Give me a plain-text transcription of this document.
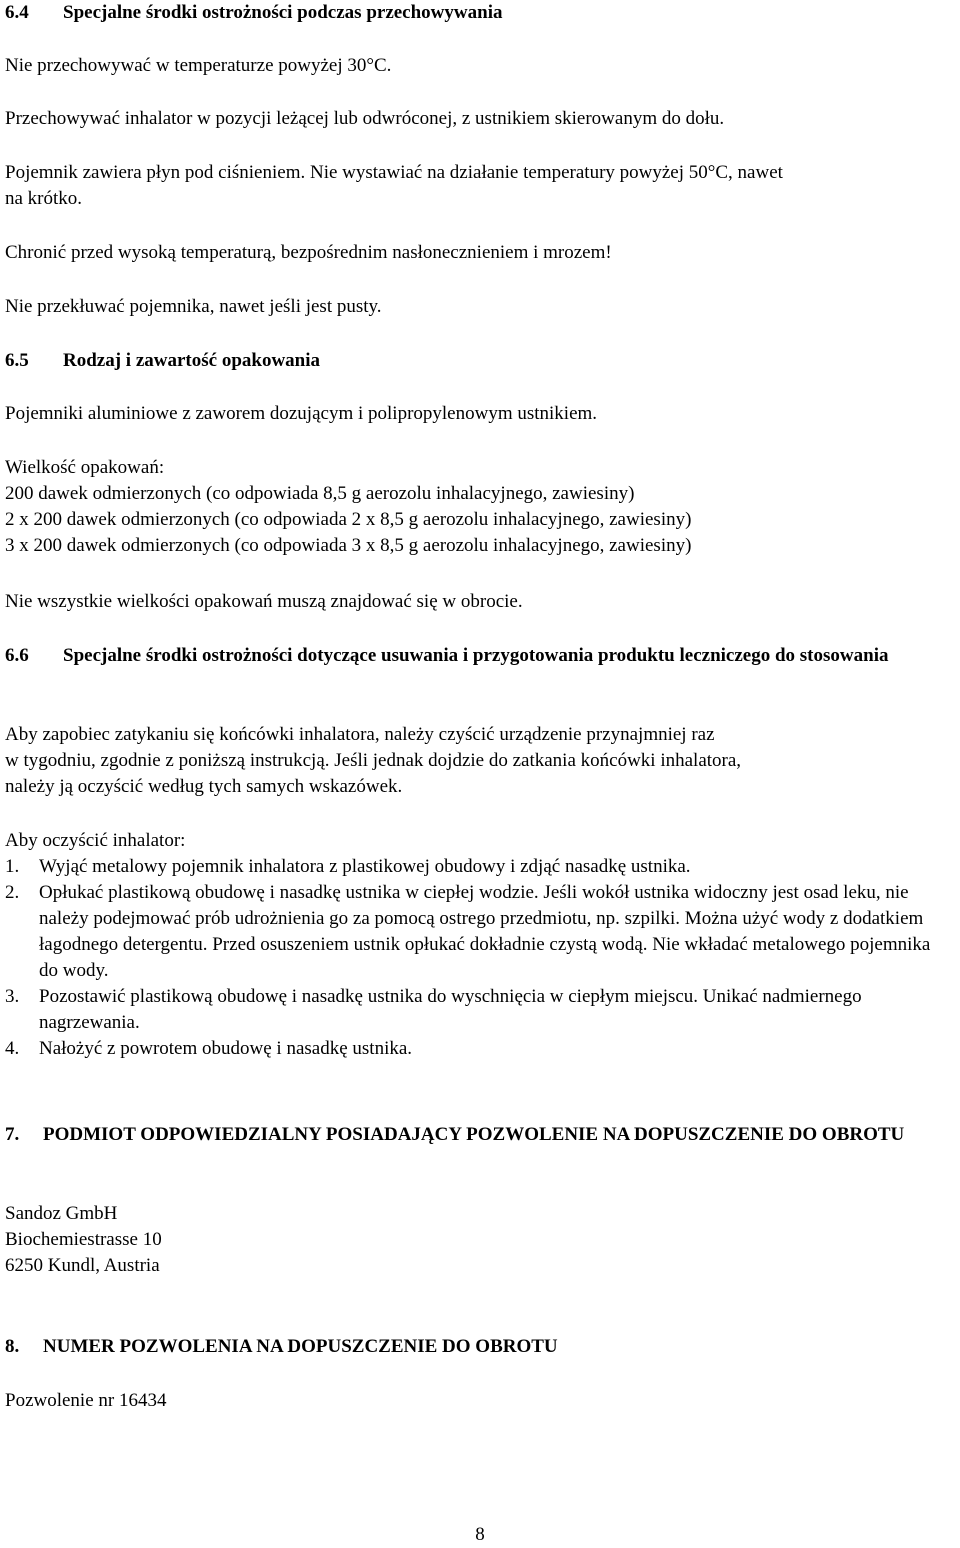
6.4	Specjalne środki ostrożności podczas przechowywania
Nie przechowywać w temperaturze powyżej 30°C.
Przechowywać inhalator w pozycji leżącej lub odwróconej, z ustnikiem skierowanym do dołu.
Pojemnik zawiera płyn pod ciśnieniem. Nie wystawiać na działanie temperatury powyżej 50°C, nawet
na krótko.
Chronić przed wysoką temperaturą, bezpośrednim nasłonecznieniem i mrozem!
Nie przekłuwać pojemnika, nawet jeśli jest pusty.
6.5	Rodzaj i zawartość opakowania
Pojemniki aluminiowe z zaworem dozującym i polipropylenowym ustnikiem.
Wielkość opakowań:
200 dawek odmierzonych (co odpowiada 8,5 g aerozolu inhalacyjnego, zawiesiny)
2 x 200 dawek odmierzonych (co odpowiada 2 x 8,5 g aerozolu inhalacyjnego, zawiesiny)
3 x 200 dawek odmierzonych (co odpowiada 3 x 8,5 g aerozolu inhalacyjnego, zawiesiny)
Nie wszystkie wielkości opakowań muszą znajdować się w obrocie.
6.6	Specjalne środki ostrożności dotyczące usuwania i przygotowania produktu leczniczego do stosowania
Aby zapobiec zatykaniu się końcówki inhalatora, należy czyścić urządzenie przynajmniej raz
w tygodniu, zgodnie z poniższą instrukcją. Jeśli jednak dojdzie do zatkania końcówki inhalatora,
należy ją oczyścić według tych samych wskazówek.
Aby oczyścić inhalator:
1.	Wyjąć metalowy pojemnik inhalatora z plastikowej obudowy i zdjąć nasadkę ustnika.
2.	Opłukać plastikową obudowę i nasadkę ustnika w ciepłej wodzie. Jeśli wokół ustnika widoczny jest osad leku, nie należy podejmować prób udrożnienia go za pomocą ostrego przedmiotu, np. szpilki. Można użyć wody z dodatkiem łagodnego detergentu. Przed osuszeniem ustnik opłukać dokładnie czystą wodą. Nie wkładać metalowego pojemnika do wody.
3.	Pozostawić plastikową obudowę i nasadkę ustnika do wyschnięcia w ciepłym miejscu. Unikać nadmiernego nagrzewania.
4.	Nałożyć z powrotem obudowę i nasadkę ustnika.
7.	PODMIOT ODPOWIEDZIALNY POSIADAJĄCY POZWOLENIE NA DOPUSZCZENIE DO OBROTU
Sandoz GmbH
Biochemiestrasse 10
6250 Kundl, Austria
8.	NUMER POZWOLENIA NA DOPUSZCZENIE DO OBROTU
Pozwolenie nr 16434
8
